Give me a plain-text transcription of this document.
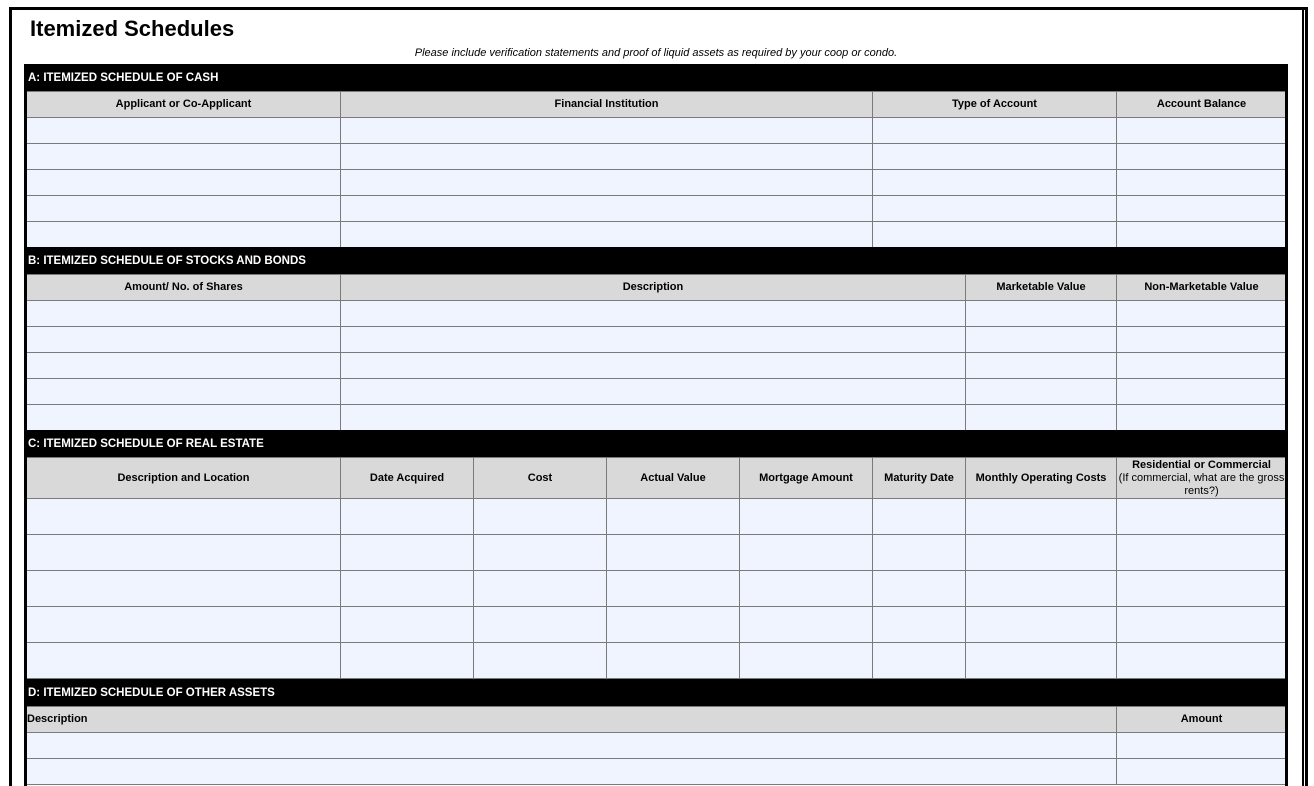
Itemized Schedules
Please include verification statements and proof of liquid assets as required by your coop or condo.
A: ITEMIZED SCHEDULE OF CASH
Applicant or Co-Applicant	Financial Institution	Type of Account	Account Balance

B: ITEMIZED SCHEDULE OF STOCKS AND BONDS
Amount/ No. of Shares	Description	Marketable Value	Non-Marketable Value

C: ITEMIZED SCHEDULE OF REAL ESTATE
Description and Location	Date Acquired	Cost	Actual Value	Mortgage Amount	Maturity Date	Monthly Operating Costs	Residential or Commercial
(If commercial, what are the gross rents?)

D: ITEMIZED SCHEDULE OF OTHER ASSETS
Description	Amount
